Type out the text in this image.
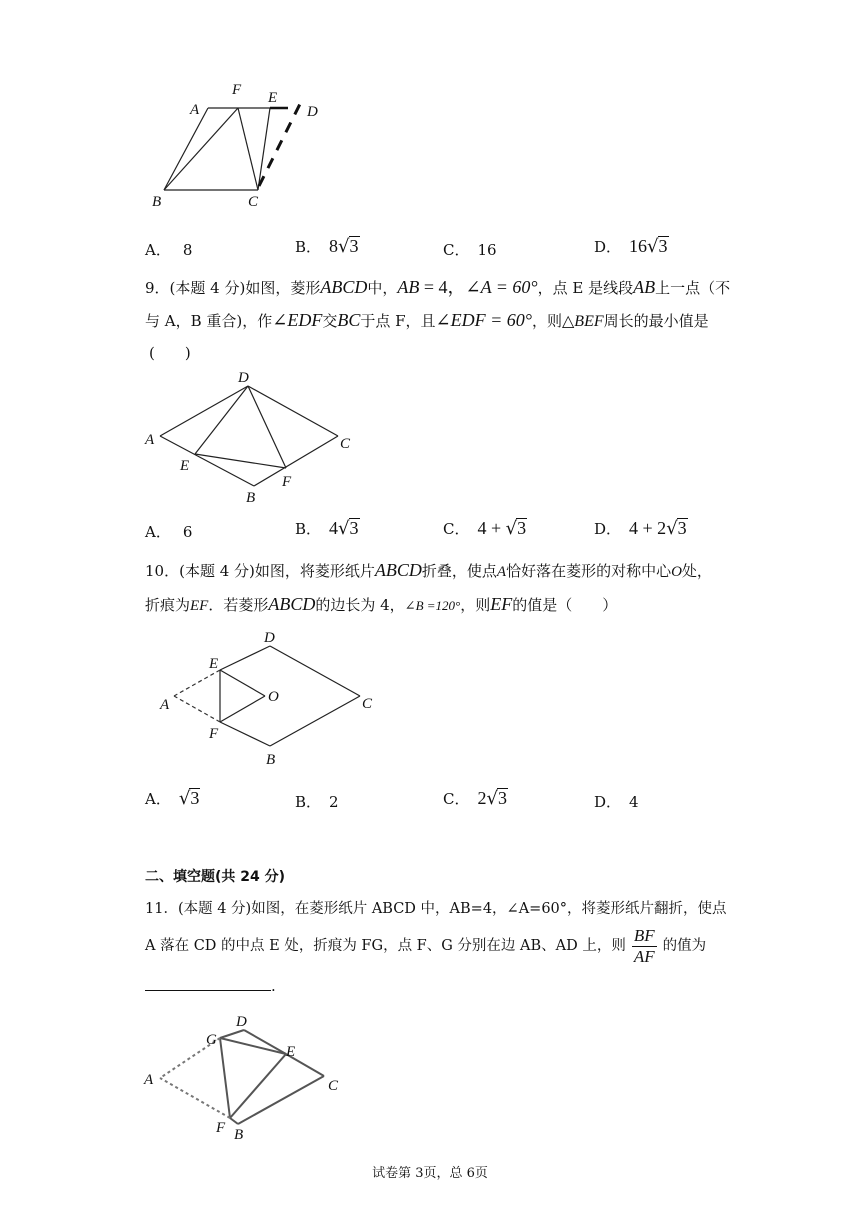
A
F E
D
B	C
A． 8	B． 8√3	C． 16	D． 16√3
9．(本题 4 分)如图，菱形ABCD中，AB = 4，∠A = 60°，点 E 是线段AB上一点（不
与 A，B 重合)，作∠EDF交BC于点 F，且∠EDF = 60°，则△BEF周长的最小值是
(　　)
D
A	C
E
F
B
A． 6	B． 4√3	C． 4 + √3	D． 4 + 2√3
10．(本题 4 分)如图，将菱形纸片ABCD折叠，使点A恰好落在菱形的对称中心O处，
折痕为EF．若菱形ABCD的边长为 4，∠B =120°，则EF的值是（　　）
D
E
O
A	C
F
B
A． √3	B． 2	C． 2√3	D． 4
二、填空题(共 24 分)
11．(本题 4 分)如图，在菱形纸片 ABCD 中，AB=4，∠A=60°，将菱形纸片翻折，使点
A 落在 CD 的中点 E 处，折痕为 FG，点 F、G 分别在边 AB、AD 上，则 $\frac{BF}{AF}$ 的值为
.
G
D
E
A	C
F B
试卷第 3页，总 6页
